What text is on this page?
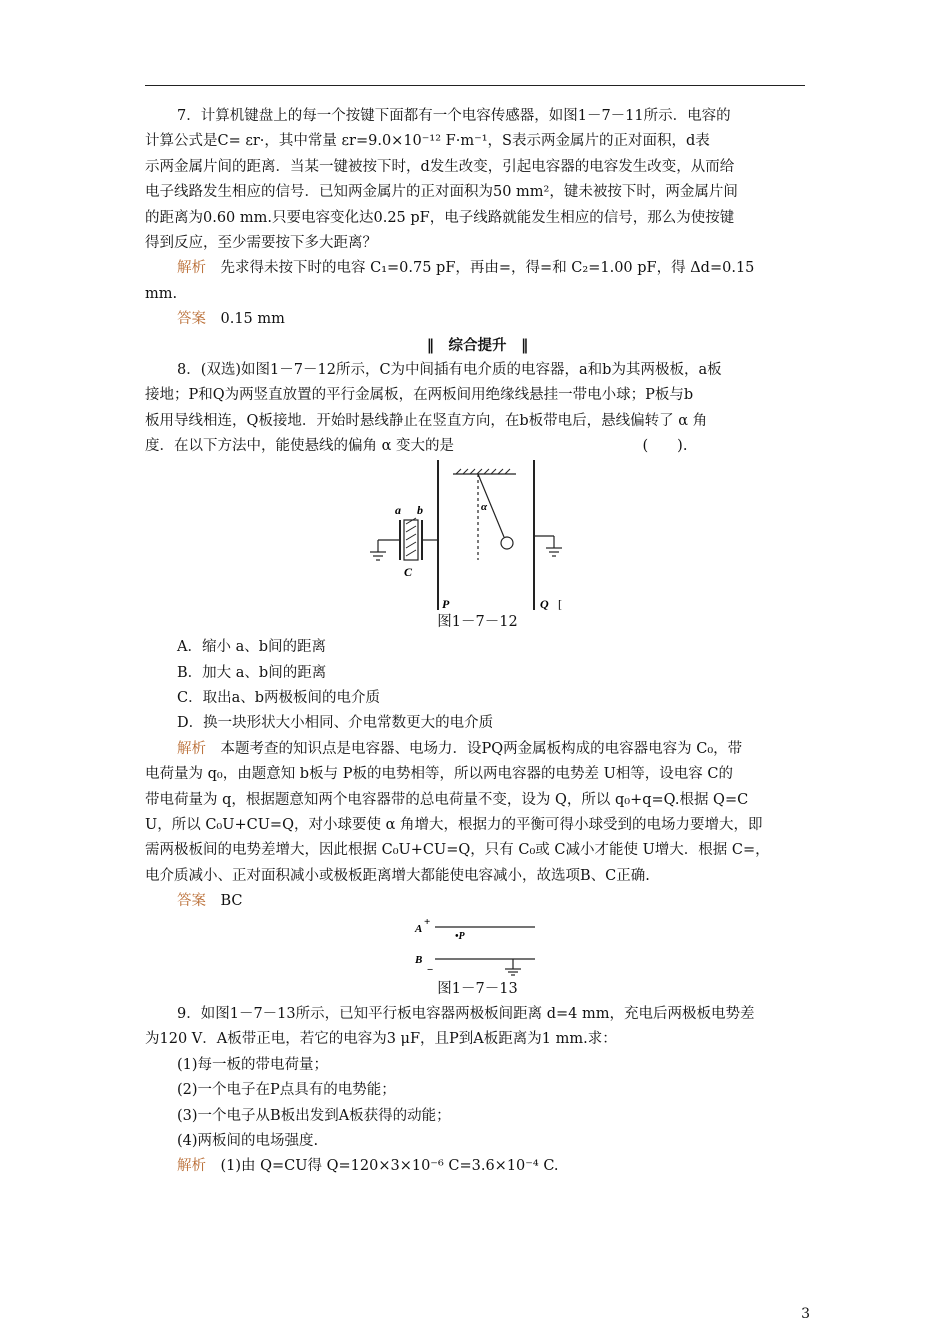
7．计算机键盘上的每一个按键下面都有一个电容传感器，如图1－7－11所示．电容的

计算公式是C= εr·，其中常量 εr=9.0×10⁻¹² F·m⁻¹，S表示两金属片的正对面积，d表

示两金属片间的距离．当某一键被按下时，d发生改变，引起电容器的电容发生改变，从而给

电子线路发生相应的信号．已知两金属片的正对面积为50 mm²，键未被按下时，两金属片间

的距离为0.60 mm.只要电容变化达0.25 pF，电子线路就能发生相应的信号，那么为使按键

得到反应，至少需要按下多大距离？

解析　 先求得未按下时的电容 C₁=0.75 pF，再由=，得=和 C₂=1.00 pF，得 Δd=0.15

mm.

答案　 0.15 mm

‖　综合提升　‖

8．(双选)如图1－7－12所示，C为中间插有电介质的电容器，a和b为其两极板，a板

接地；P和Q为两竖直放置的平行金属板，在两板间用绝缘线悬挂一带电小球；P板与b

板用导线相连，Q板接地．开始时悬线静止在竖直方向，在b板带电后，悬线偏转了 α 角

度．在以下方法中，能使悬线的偏角 α 变大的是　　　　　　　　　　　　　(　　).

a b
C
α
P	Q [

图1－7－12

A．缩小 a、b间的距离

B．加大 a、b间的距离

C．取出a、b两极板间的电介质

D．换一块形状大小相同、介电常数更大的电介质

解析　 本题考查的知识点是电容器、电场力．设PQ两金属板构成的电容器电容为 C₀，带

电荷量为 q₀，由题意知 b板与 P板的电势相等，所以两电容器的电势差 U相等，设电容 C的

带电荷量为 q，根据题意知两个电容器带的总电荷量不变，设为 Q，所以 q₀+q=Q.根据 Q=C

U，所以 C₀U+CU=Q，对小球要使 α 角增大，根据力的平衡可得小球受到的电场力要增大，即

需两极板间的电势差增大，因此根据 C₀U+CU=Q，只有 C₀或 C减小才能使 U增大．根据 C=，

电介质减小、正对面积减小或极板距离增大都能使电容减小，故选项B、C正确.

答案　 BC

A
+
•P
B
−

图1－7－13

9．如图1－7－13所示，已知平行板电容器两极板间距离 d=4 mm，充电后两极板电势差

为120 V．A板带正电，若它的电容为3 μF，且P到A板距离为1 mm.求：

(1)每一板的带电荷量；

(2)一个电子在P点具有的电势能；

(3)一个电子从B板出发到A板获得的动能；

(4)两板间的电场强度.

解析　 (1)由 Q=CU得 Q=120×3×10⁻⁶ C=3.6×10⁻⁴ C.

3
